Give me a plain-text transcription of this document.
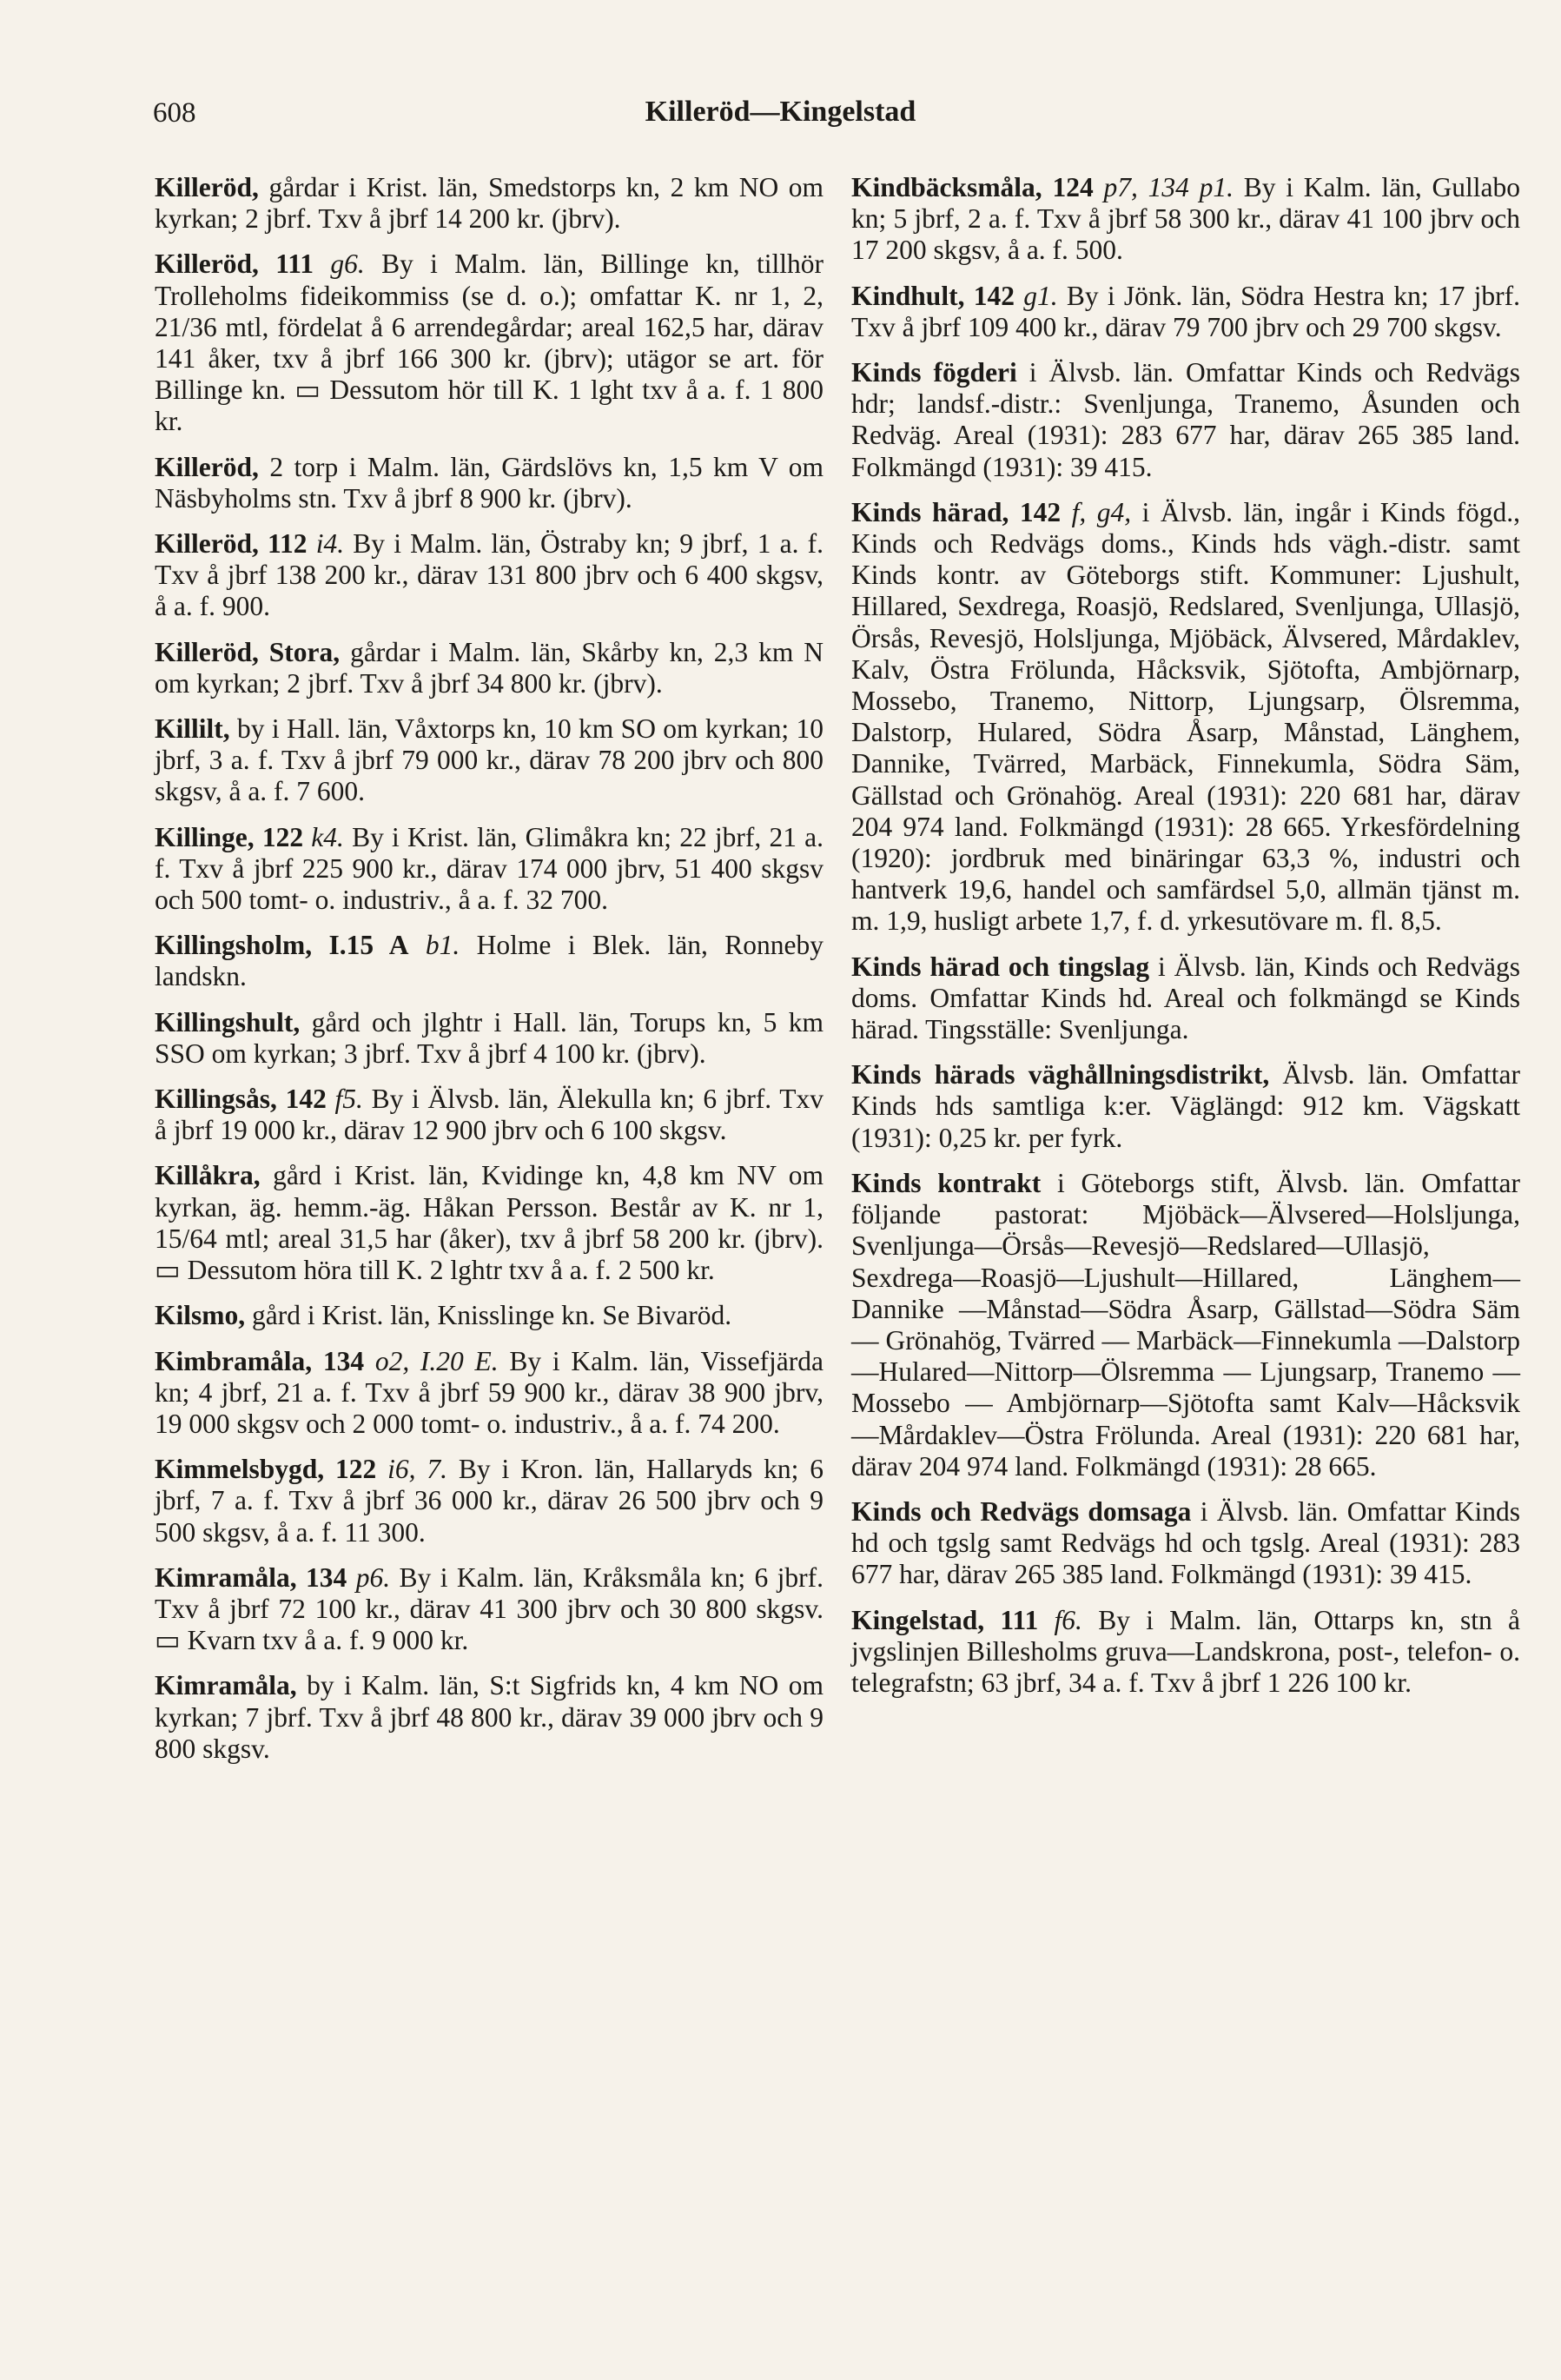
608	Killeröd—Kingelstad

Killeröd, gårdar i Krist. län, Smedstorps kn, 2 km NO om kyrkan; 2 jbrf. Txv å jbrf 14 200 kr. (jbrv).

Killeröd, 111 g6. By i Malm. län, Billinge kn, tillhör Trolleholms fideikommiss (se d. o.); omfattar K. nr 1, 2, 21/36 mtl, fördelat å 6 arrendegårdar; areal 162,5 har, därav 141 åker, txv å jbrf 166 300 kr. (jbrv); utägor se art. för Billinge kn. ▭ Dessutom hör till K. 1 lght txv å a. f. 1 800 kr.

Killeröd, 2 torp i Malm. län, Gärdslövs kn, 1,5 km V om Näsbyholms stn. Txv å jbrf 8 900 kr. (jbrv).

Killeröd, 112 i4. By i Malm. län, Östraby kn; 9 jbrf, 1 a. f. Txv å jbrf 138 200 kr., därav 131 800 jbrv och 6 400 skgsv, å a. f. 900.

Killeröd, Stora, gårdar i Malm. län, Skårby kn, 2,3 km N om kyrkan; 2 jbrf. Txv å jbrf 34 800 kr. (jbrv).

Killilt, by i Hall. län, Våxtorps kn, 10 km SO om kyrkan; 10 jbrf, 3 a. f. Txv å jbrf 79 000 kr., därav 78 200 jbrv och 800 skgsv, å a. f. 7 600.

Killinge, 122 k4. By i Krist. län, Glimåkra kn; 22 jbrf, 21 a. f. Txv å jbrf 225 900 kr., därav 174 000 jbrv, 51 400 skgsv och 500 tomt- o. industriv., å a. f. 32 700.

Killingsholm, I.15 A b1. Holme i Blek. län, Ronneby landskn.

Killingshult, gård och jlghtr i Hall. län, Torups kn, 5 km SSO om kyrkan; 3 jbrf. Txv å jbrf 4 100 kr. (jbrv).

Killingsås, 142 f5. By i Älvsb. län, Älekulla kn; 6 jbrf. Txv å jbrf 19 000 kr., därav 12 900 jbrv och 6 100 skgsv.

Killåkra, gård i Krist. län, Kvidinge kn, 4,8 km NV om kyrkan, äg. hemm.-äg. Håkan Persson. Består av K. nr 1, 15/64 mtl; areal 31,5 har (åker), txv å jbrf 58 200 kr. (jbrv). ▭ Dessutom höra till K. 2 lghtr txv å a. f. 2 500 kr.

Kilsmo, gård i Krist. län, Knisslinge kn. Se Bivaröd.

Kimbramåla, 134 o2, I.20 E. By i Kalm. län, Vissefjärda kn; 4 jbrf, 21 a. f. Txv å jbrf 59 900 kr., därav 38 900 jbrv, 19 000 skgsv och 2 000 tomt- o. industriv., å a. f. 74 200.

Kimmelsbygd, 122 i6, 7. By i Kron. län, Hallaryds kn; 6 jbrf, 7 a. f. Txv å jbrf 36 000 kr., därav 26 500 jbrv och 9 500 skgsv, å a. f. 11 300.

Kimramåla, 134 p6. By i Kalm. län, Kråksmåla kn; 6 jbrf. Txv å jbrf 72 100 kr., därav 41 300 jbrv och 30 800 skgsv. ▭ Kvarn txv å a. f. 9 000 kr.

Kimramåla, by i Kalm. län, S:t Sigfrids kn, 4 km NO om kyrkan; 7 jbrf. Txv å jbrf 48 800 kr., därav 39 000 jbrv och 9 800 skgsv.

Kindbäcksmåla, 124 p7, 134 p1. By i Kalm. län, Gullabo kn; 5 jbrf, 2 a. f. Txv å jbrf 58 300 kr., därav 41 100 jbrv och 17 200 skgsv, å a. f. 500.

Kindhult, 142 g1. By i Jönk. län, Södra Hestra kn; 17 jbrf. Txv å jbrf 109 400 kr., därav 79 700 jbrv och 29 700 skgsv.

Kinds fögderi i Älvsb. län. Omfattar Kinds och Redvägs hdr; landsf.-distr.: Svenljunga, Tranemo, Åsunden och Redväg. Areal (1931): 283 677 har, därav 265 385 land. Folkmängd (1931): 39 415.

Kinds härad, 142 f, g4, i Älvsb. län, ingår i Kinds fögd., Kinds och Redvägs doms., Kinds hds vägh.-distr. samt Kinds kontr. av Göteborgs stift. Kommuner: Ljushult, Hillared, Sexdrega, Roasjö, Redslared, Svenljunga, Ullasjö, Örsås, Revesjö, Holsljunga, Mjöbäck, Älvsered, Mårdaklev, Kalv, Östra Frölunda, Håcksvik, Sjötofta, Ambjörnarp, Mossebo, Tranemo, Nittorp, Ljungsarp, Ölsremma, Dalstorp, Hulared, Södra Åsarp, Månstad, Länghem, Dannike, Tvärred, Marbäck, Finnekumla, Södra Säm, Gällstad och Grönahög. Areal (1931): 220 681 har, därav 204 974 land. Folkmängd (1931): 28 665. Yrkesfördelning (1920): jordbruk med binäringar 63,3 %, industri och hantverk 19,6, handel och samfärdsel 5,0, allmän tjänst m. m. 1,9, husligt arbete 1,7, f. d. yrkesutövare m. fl. 8,5.

Kinds härad och tingslag i Älvsb. län, Kinds och Redvägs doms. Omfattar Kinds hd. Areal och folkmängd se Kinds härad. Tingsställe: Svenljunga.

Kinds härads väghållningsdistrikt, Älvsb. län. Omfattar Kinds hds samtliga k:er. Väglängd: 912 km. Vägskatt (1931): 0,25 kr. per fyrk.

Kinds kontrakt i Göteborgs stift, Älvsb. län. Omfattar följande pastorat: Mjöbäck—Älvsered—Holsljunga, Svenljunga—Örsås—Revesjö—Redslared—Ullasjö, Sexdrega—Roasjö—Ljushult—Hillared, Länghem—Dannike —Månstad—Södra Åsarp, Gällstad—Södra Säm — Grönahög, Tvärred — Marbäck—Finnekumla —Dalstorp—Hulared—Nittorp—Ölsremma — Ljungsarp, Tranemo — Mossebo — Ambjörnarp—Sjötofta samt Kalv—Håcksvik —Mårdaklev—Östra Frölunda. Areal (1931): 220 681 har, därav 204 974 land. Folkmängd (1931): 28 665.

Kinds och Redvägs domsaga i Älvsb. län. Omfattar Kinds hd och tgslg samt Redvägs hd och tgslg. Areal (1931): 283 677 har, därav 265 385 land. Folkmängd (1931): 39 415.

Kingelstad, 111 f6. By i Malm. län, Ottarps kn, stn å jvgslinjen Billesholms gruva—Landskrona, post-, telefon- o. telegrafstn; 63 jbrf, 34 a. f. Txv å jbrf 1 226 100 kr.
